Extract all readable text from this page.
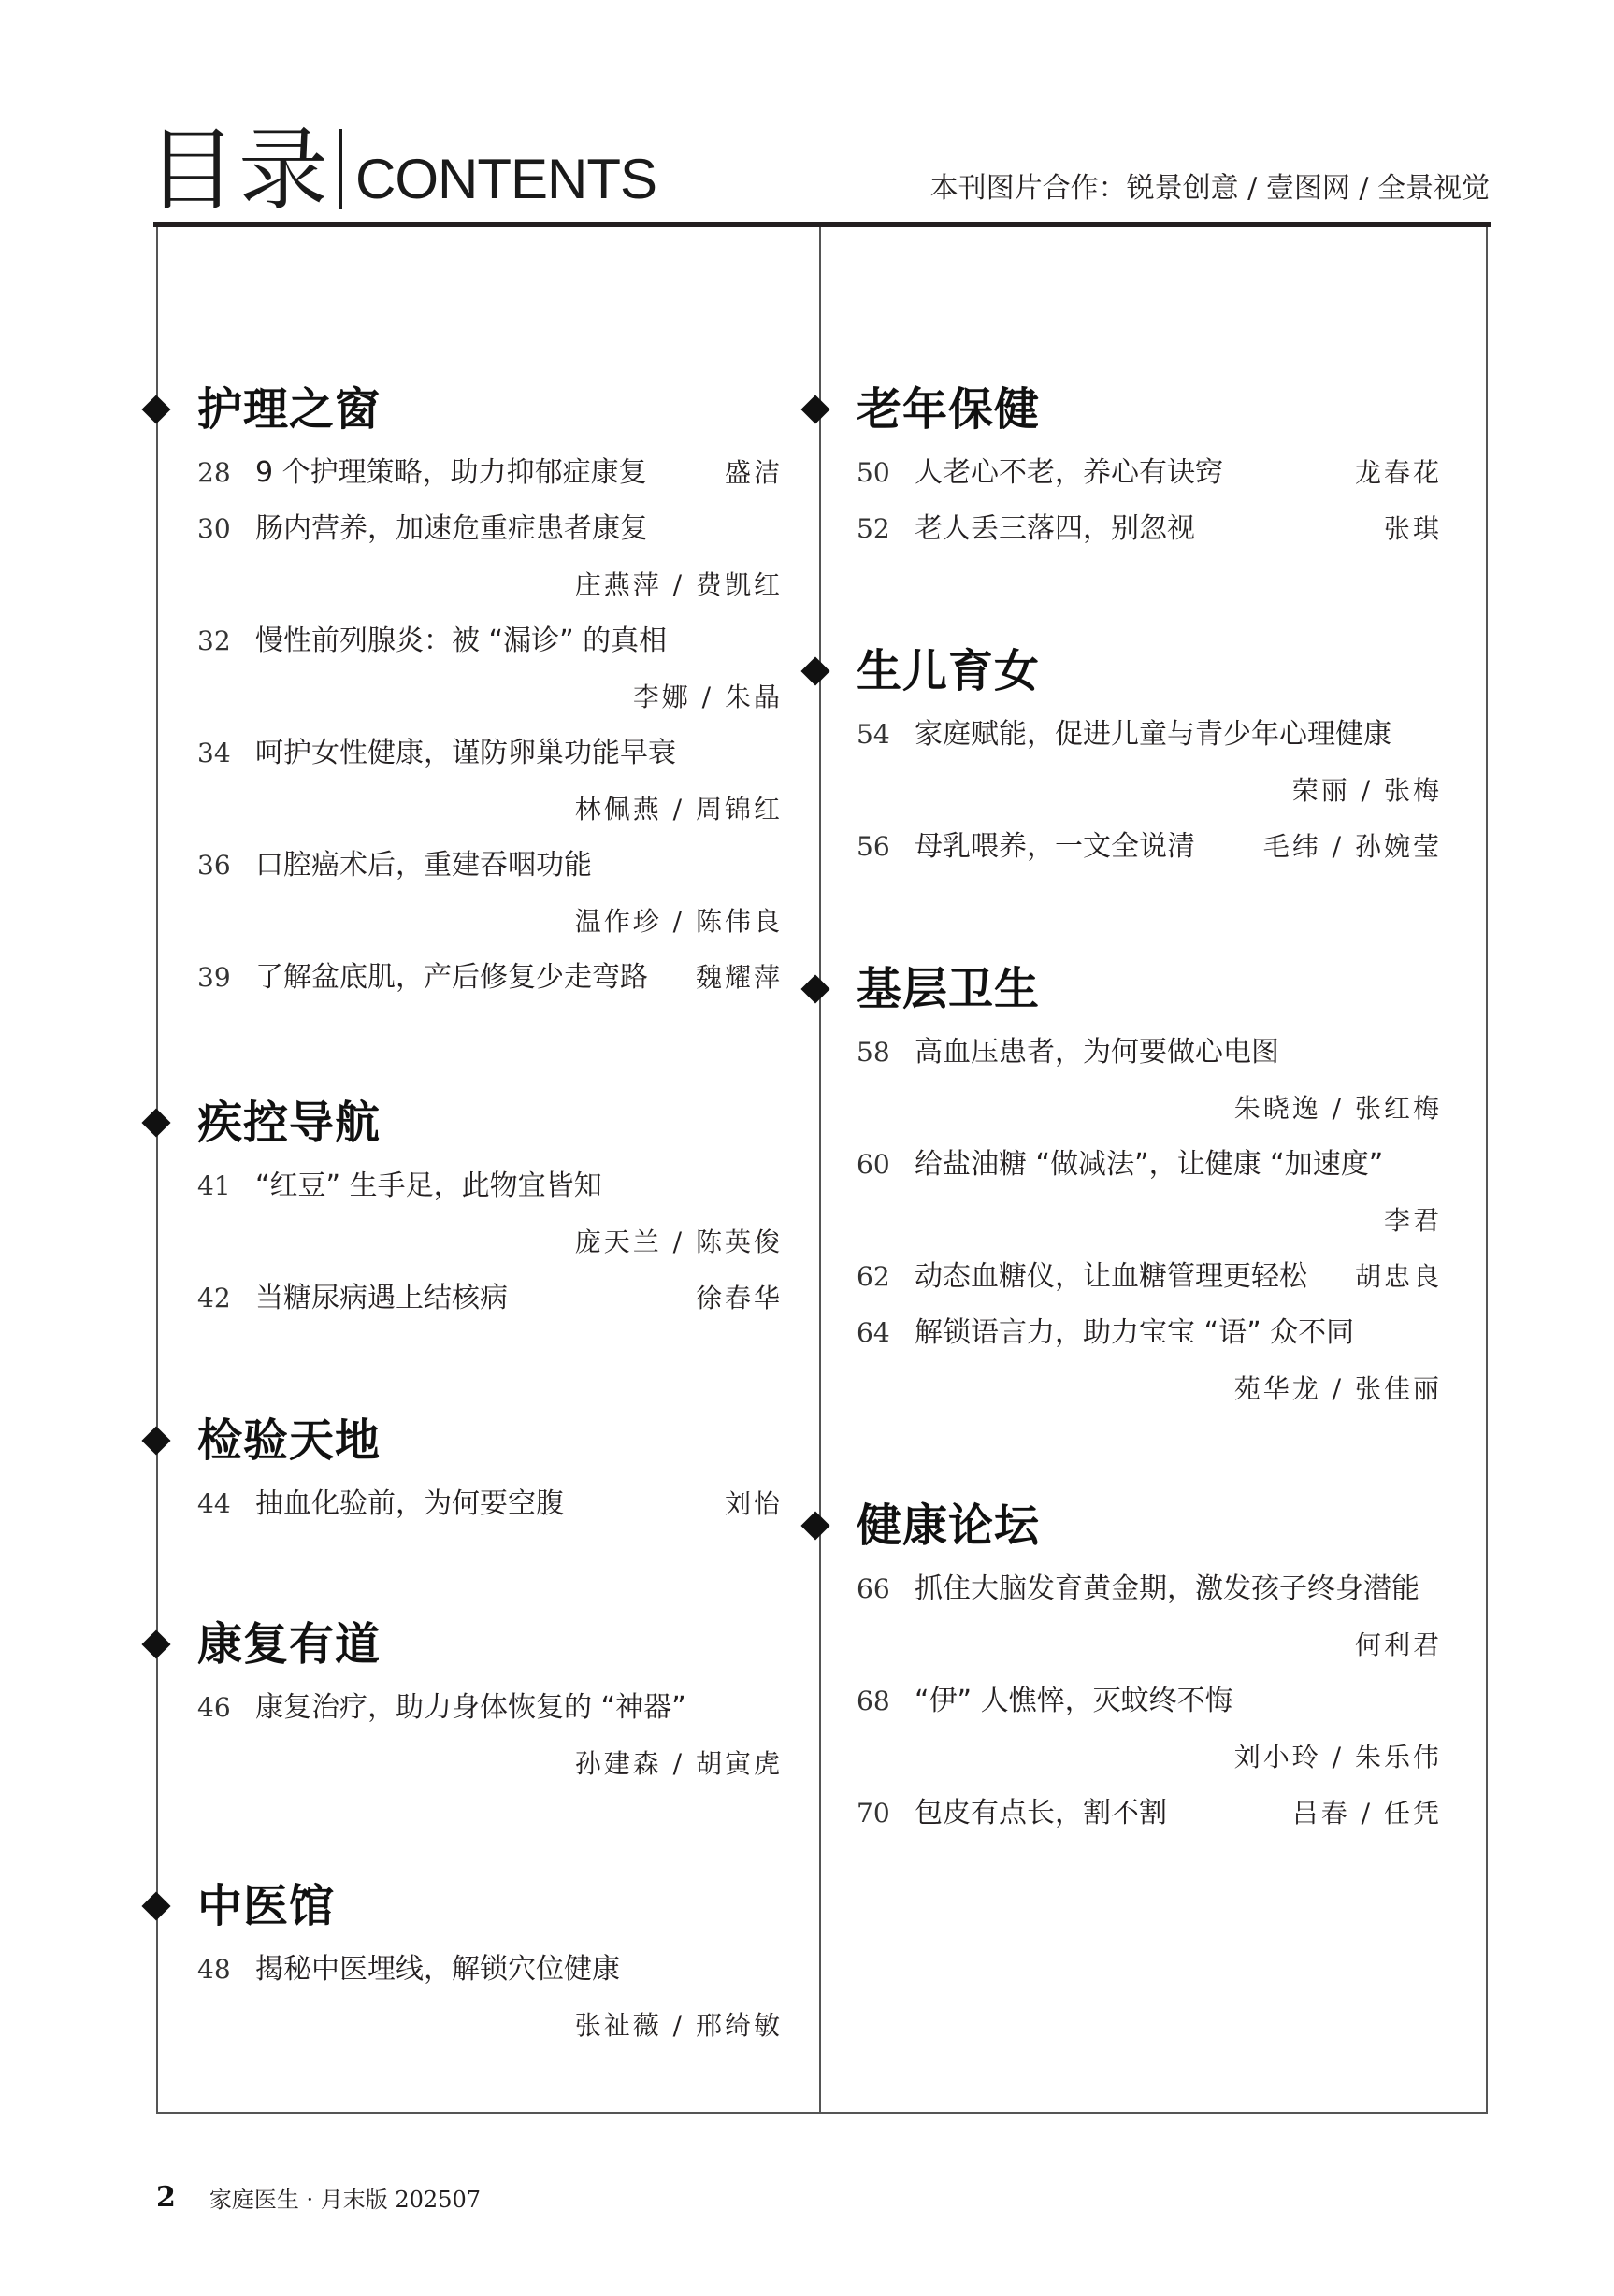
目录 CONTENTS	本刊图片合作：锐景创意 / 壹图网 / 全景视觉
护理之窗
28 9 个护理策略，助力抑郁症康复	盛洁
30 肠内营养，加速危重症患者康复
庄燕萍 / 费凯红
32 慢性前列腺炎：被 “漏诊” 的真相
李娜 / 朱晶
34 呵护女性健康，谨防卵巢功能早衰
林佩燕 / 周锦红
36 口腔癌术后，重建吞咽功能
温作珍 / 陈伟良
39 了解盆底肌，产后修复少走弯路 魏耀萍
疾控导航
41 “红豆” 生手足，此物宜皆知
庞天兰 / 陈英俊
42 当糖尿病遇上结核病	徐春华
检验天地
44 抽血化验前，为何要空腹	刘怡
康复有道
46 康复治疗，助力身体恢复的 “神器”
孙建森 / 胡寅虎
中医馆
48 揭秘中医埋线，解锁穴位健康
张祉薇 / 邢绮敏
老年保健
50 人老心不老，养心有诀窍	龙春花
52 老人丢三落四，别忽视	张琪
生儿育女
54 家庭赋能，促进儿童与青少年心理健康
荣丽 / 张梅
56 母乳喂养，一文全说清	毛纬 / 孙婉莹
基层卫生
58 高血压患者，为何要做心电图
朱晓逸 / 张红梅
60 给盐油糖 “做减法”，让健康 “加速度”
李君
62 动态血糖仪，让血糖管理更轻松 胡忠良
64 解锁语言力，助力宝宝 “语” 众不同
苑华龙 / 张佳丽
健康论坛
66 抓住大脑发育黄金期，激发孩子终身潜能
何利君
68 “伊” 人憔悴，灭蚊终不悔
刘小玲 / 朱乐伟
70 包皮有点长，割不割	吕春 / 任凭
2 家庭医生 · 月末版 202507
